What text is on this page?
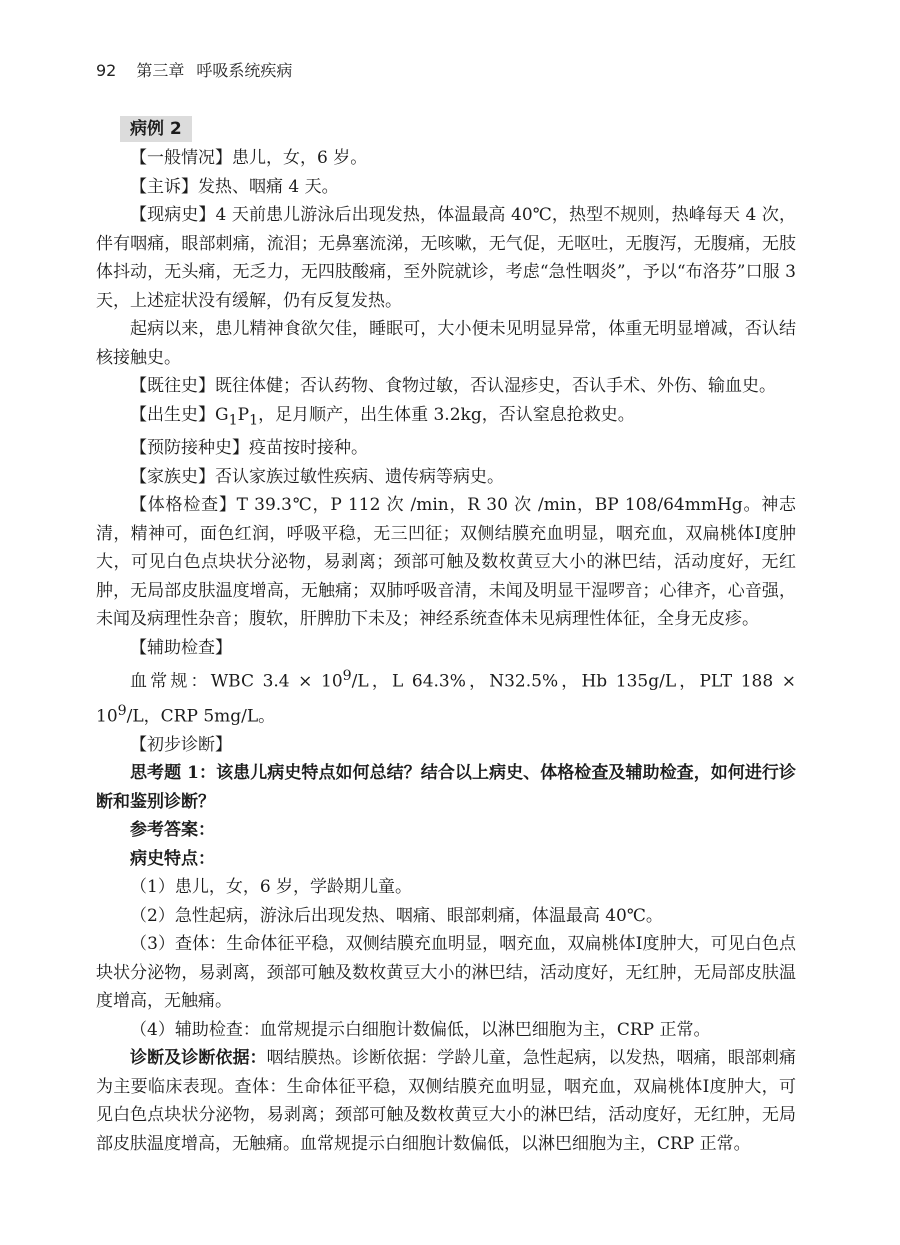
92 第三章 呼吸系统疾病
病例 2

【一般情况】患儿，女，6 岁。

【主诉】发热、咽痛 4 天。

【现病史】4 天前患儿游泳后出现发热，体温最高 40℃，热型不规则，热峰每天 4 次，伴有咽痛，眼部刺痛，流泪；无鼻塞流涕，无咳嗽，无气促，无呕吐，无腹泻，无腹痛，无肢体抖动，无头痛，无乏力，无四肢酸痛，至外院就诊，考虑“急性咽炎”，予以“布洛芬”口服 3 天，上述症状没有缓解，仍有反复发热。

起病以来，患儿精神食欲欠佳，睡眠可，大小便未见明显异常，体重无明显增减，否认结核接触史。

【既往史】既往体健；否认药物、食物过敏，否认湿疹史，否认手术、外伤、输血史。

【出生史】$G_1P_1$，足月顺产，出生体重 3.2kg，否认窒息抢救史。

【预防接种史】疫苗按时接种。

【家族史】否认家族过敏性疾病、遗传病等病史。

【体格检查】T 39.3℃，P 112 次 /min，R 30 次 /min，BP 108/64mmHg。神志清，精神可，面色红润，呼吸平稳，无三凹征；双侧结膜充血明显，咽充血，双扁桃体Ⅰ度肿大，可见白色点块状分泌物，易剥离；颈部可触及数枚黄豆大小的淋巴结，活动度好，无红肿，无局部皮肤温度增高，无触痛；双肺呼吸音清，未闻及明显干湿啰音；心律齐，心音强，未闻及病理性杂音；腹软，肝脾肋下未及；神经系统查体未见病理性体征，全身无皮疹。

【辅助检查】

血常规：WBC $3.4 \times 10^9/L$，L 64.3%，N32.5%，Hb 135g/L，PLT $188 \times 10^9/L$，CRP 5mg/L。

【初步诊断】

思考题 1：该患儿病史特点如何总结？结合以上病史、体格检查及辅助检查，如何进行诊断和鉴别诊断？

参考答案：

病史特点：

（1）患儿，女，6 岁，学龄期儿童。

（2）急性起病，游泳后出现发热、咽痛、眼部刺痛，体温最高 40℃。

（3）查体：生命体征平稳，双侧结膜充血明显，咽充血，双扁桃体Ⅰ度肿大，可见白色点块状分泌物，易剥离，颈部可触及数枚黄豆大小的淋巴结，活动度好，无红肿，无局部皮肤温度增高，无触痛。

（4）辅助检查：血常规提示白细胞计数偏低，以淋巴细胞为主，CRP 正常。

诊断及诊断依据：咽结膜热。诊断依据：学龄儿童，急性起病，以发热，咽痛，眼部刺痛为主要临床表现。查体：生命体征平稳，双侧结膜充血明显，咽充血，双扁桃体Ⅰ度肿大，可见白色点块状分泌物，易剥离；颈部可触及数枚黄豆大小的淋巴结，活动度好，无红肿，无局部皮肤温度增高，无触痛。血常规提示白细胞计数偏低，以淋巴细胞为主，CRP 正常。
